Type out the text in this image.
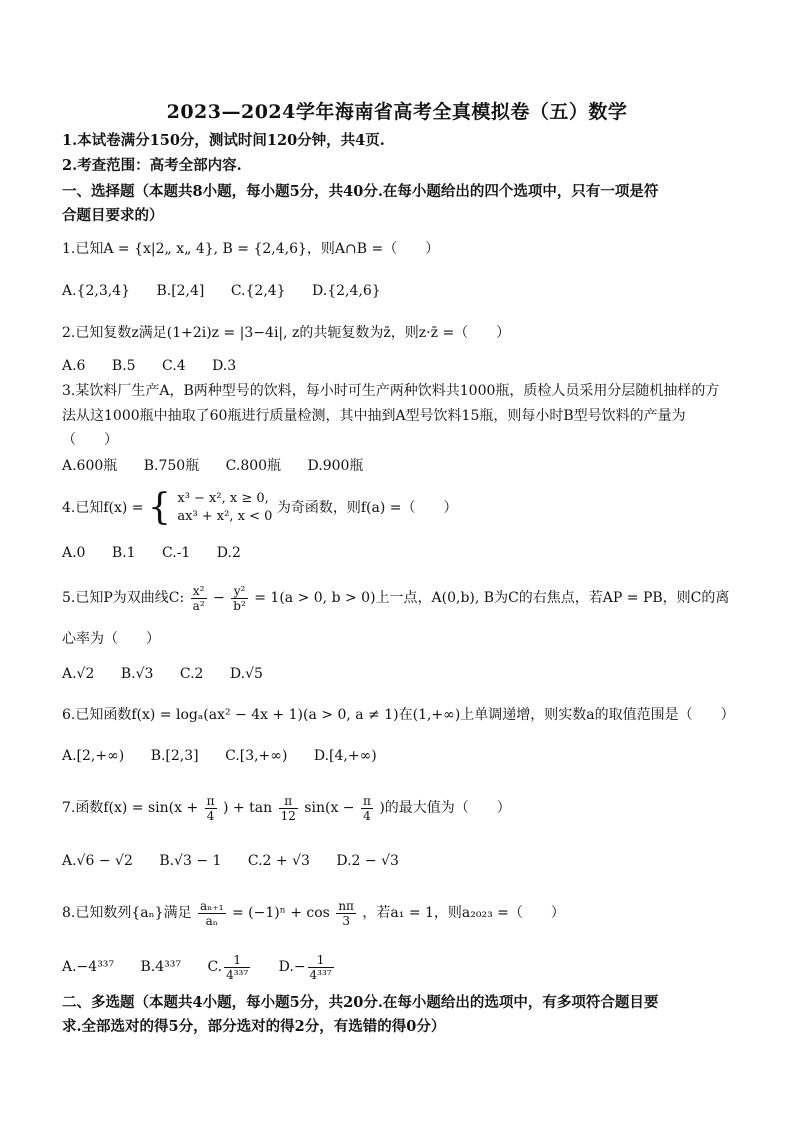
2023—2024学年海南省高考全真模拟卷（五）数学
1.本试卷满分150分，测试时间120分钟，共4页.
2.考查范围：高考全部内容.
一、选择题（本题共8小题，每小题5分，共40分.在每小题给出的四个选项中，只有一项是符
合题目要求的）
1.已知A = {x|2„ x„ 4}, B = {2,4,6}，则A∩B =（　　）
A.{2,3,4} B.[2,4] C.{2,4} D.{2,4,6}
2.已知复数z满足(1+2i)z = |3−4i|, z的共轭复数为z̄，则z·z̄ =（　　）
A.6 B.5 C.4 D.3
3.某饮料厂生产A，B两种型号的饮料，每小时可生产两种饮料共1000瓶，质检人员采用分层随机抽样的方
法从这1000瓶中抽取了60瓶进行质量检测，其中抽到A型号饮料15瓶，则每小时B型号饮料的产量为
（　　）
A.600瓶 B.750瓶 C.800瓶 D.900瓶
4.已知f(x) = { x³ − x², x ≥ 0,
ax³ + x², x < 0
为奇函数，则f(a) =（　　）
A.0 B.1 C.-1 D.2
5.已知P为双曲线C: $\frac{\text{x²}}{\text{a²}} - \frac{\text{y²}}{\text{b²}} = 1(a > 0$, b > 0)上一点，A(0,b), B为C的右焦点，若AP = PB，则C的离
心率为（　　）
A.√2 B.√3 C.2 D.√5
6.已知函数f(x) = logₐ(ax² − 4x + 1)(a > 0, a ≠ 1)在(1,+∞)上单调递增，则实数a的取值范围是（　　）
A.[2,+∞) B.[2,3] C.[3,+∞) D.[4,+∞)
7.函数$f(x) = \sin(x + \frac{\pi}{4}$ ) + $\tan \frac{\pi}{12} \sin(x - \frac{\pi}{4}$ )的最大值为（　　）
A.√6 − √2 B.√3 − 1 C.2 + √3 D.2 − √3
8.已知数列{aₙ}满足 $\frac{\text{aₙ₊₁}}{\text{aₙ}} = (-1)^n + \cos \frac{n\pi}{3}$ ，若a₁ = 1，则a₂₀₂₃ =（　　）
A.−4³³⁷ B.4³³⁷ C. $\frac{1}{\text{4³³⁷}} D.- \frac{1}{\text{4³³⁷}}$
二、多选题（本题共4小题，每小题5分，共20分.在每小题给出的选项中，有多项符合题目要
求.全部选对的得5分，部分选对的得2分，有选错的得0分）
